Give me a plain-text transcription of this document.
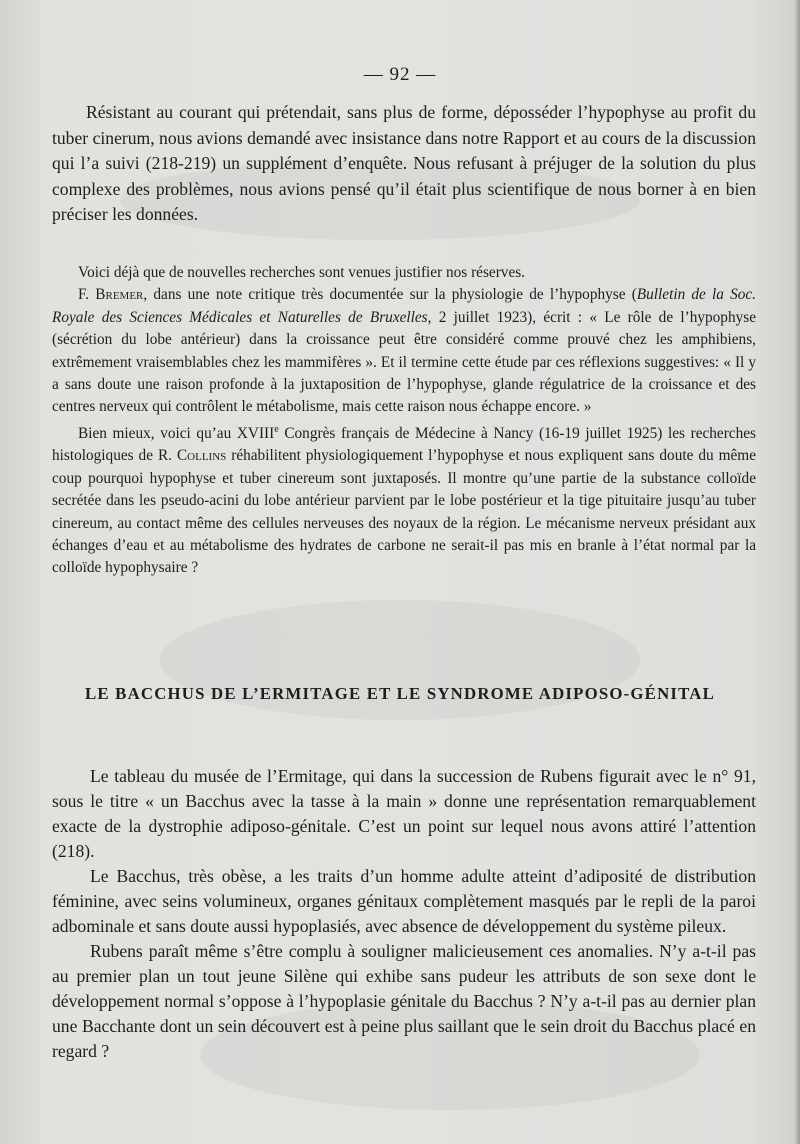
— 92 —

Résistant au courant qui prétendait, sans plus de forme, déposséder l’hypophyse au profit du tuber cinerum, nous avions demandé avec insistance dans notre Rapport et au cours de la discussion qui l’a suivi (218-219) un supplément d’enquête. Nous refusant à préjuger de la solution du plus complexe des problèmes, nous avions pensé qu’il était plus scientifique de nous borner à en bien préciser les données.

Voici déjà que de nouvelles recherches sont venues justifier nos réserves.

F. Bremer, dans une note critique très documentée sur la physiologie de l’hypophyse (Bulletin de la Soc. Royale des Sciences Médicales et Naturelles de Bruxelles, 2 juillet 1923), écrit : « Le rôle de l’hypophyse (sécrétion du lobe antérieur) dans la croissance peut être considéré comme prouvé chez les amphibiens, extrêmement vraisemblables chez les mammifères ». Et il termine cette étude par ces réflexions suggestives: « Il y a sans doute une raison profonde à la juxtaposition de l’hypophyse, glande régulatrice de la croissance et des centres nerveux qui contrôlent le métabolisme, mais cette raison nous échappe encore. »

Bien mieux, voici qu’au XVIIIe Congrès français de Médecine à Nancy (16-19 juillet 1925) les recherches histologiques de R. Collins réhabilitent physiologiquement l’hypophyse et nous expliquent sans doute du même coup pourquoi hypophyse et tuber cinereum sont juxtaposés. Il montre qu’une partie de la substance colloïde secrétée dans les pseudo-acini du lobe antérieur parvient par le lobe postérieur et la tige pituitaire jusqu’au tuber cinereum, au contact même des cellules nerveuses des noyaux de la région. Le mécanisme nerveux présidant aux échanges d’eau et au métabolisme des hydrates de carbone ne serait-il pas mis en branle à l’état normal par la colloïde hypophysaire ?

LE BACCHUS DE L’ERMITAGE ET LE SYNDROME ADIPOSO-GÉNITAL

Le tableau du musée de l’Ermitage, qui dans la succession de Rubens figurait avec le n° 91, sous le titre « un Bacchus avec la tasse à la main » donne une représentation remarquablement exacte de la dystrophie adiposo-génitale. C’est un point sur lequel nous avons attiré l’attention (218).

Le Bacchus, très obèse, a les traits d’un homme adulte atteint d’adiposité de distribution féminine, avec seins volumineux, organes génitaux complètement masqués par le repli de la paroi adbominale et sans doute aussi hypoplasiés, avec absence de développement du système pileux.

Rubens paraît même s’être complu à souligner malicieusement ces anomalies. N’y a-t-il pas au premier plan un tout jeune Silène qui exhibe sans pudeur les attributs de son sexe dont le développement normal s’oppose à l’hypoplasie génitale du Bacchus ? N’y a-t-il pas au dernier plan une Bacchante dont un sein découvert est à peine plus saillant que le sein droit du Bacchus placé en regard ?
